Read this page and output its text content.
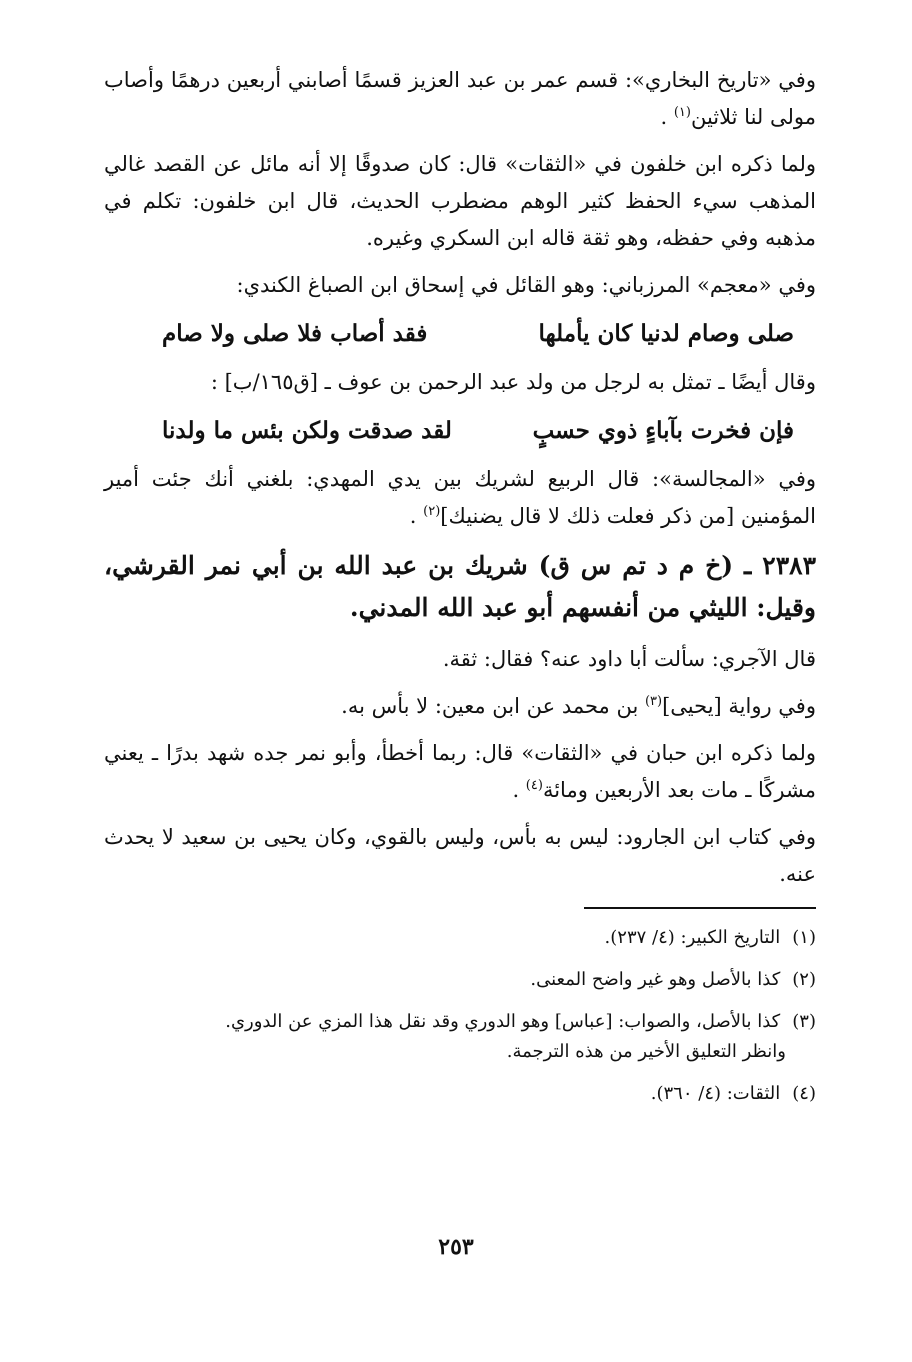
وفي «تاريخ البخاري»: قسم عمر بن عبد العزيز قسمًا أصابني أربعين درهمًا وأصاب مولى لنا ثلاثين$^{(١)}$ .

ولما ذكره ابن خلفون في «الثقات» قال: كان صدوقًا إلا أنه مائل عن القصد غالي المذهب سيء الحفظ كثير الوهم مضطرب الحديث، قال ابن خلفون: تكلم في مذهبه وفي حفظه، وهو ثقة قاله ابن السكري وغيره.

وفي «معجم» المرزباني: وهو القائل في إسحاق ابن الصباغ الكندي:

صلى وصام لدنيا كان يأملها
فقد أصاب فلا صلى ولا صام

وقال أيضًا ـ تمثل به لرجل من ولد عبد الرحمن بن عوف ـ [ق١٦٥/ب] :

فإن فخرت بآباءٍ ذوي حسبٍ
لقد صدقت ولكن بئس ما ولدنا

وفي «المجالسة»: قال الربيع لشريك بين يدي المهدي: بلغني أنك جئت أمير المؤمنين [من ذكر فعلت ذلك لا قال يضنيك]$^{(٢)}$ .

٢٣٨٣ ـ (خ م د تم س ق) شريك بن عبد الله بن أبي نمر القرشي، وقيل: الليثي من أنفسهم أبو عبد الله المدني.

قال الآجري: سألت أبا داود عنه؟ فقال: ثقة.

وفي رواية [يحيى]$^{(٣)}$ بن محمد عن ابن معين: لا بأس به.

ولما ذكره ابن حبان في «الثقات» قال: ربما أخطأ، وأبو نمر جده شهد بدرًا ـ يعني مشركًا ـ مات بعد الأربعين ومائة$^{(٤)}$ .

وفي كتاب ابن الجارود: ليس به بأس، وليس بالقوي، وكان يحيى بن سعيد لا يحدث عنه.

(١) التاريخ الكبير: (٤/ ٢٣٧).

(٢) كذا بالأصل وهو غير واضح المعنى.

(٣) كذا بالأصل، والصواب: [عباس] وهو الدوري وقد نقل هذا المزي عن الدوري.
وانظر التعليق الأخير من هذه الترجمة.

(٤) الثقات: (٤/ ٣٦٠).

٢٥٣
